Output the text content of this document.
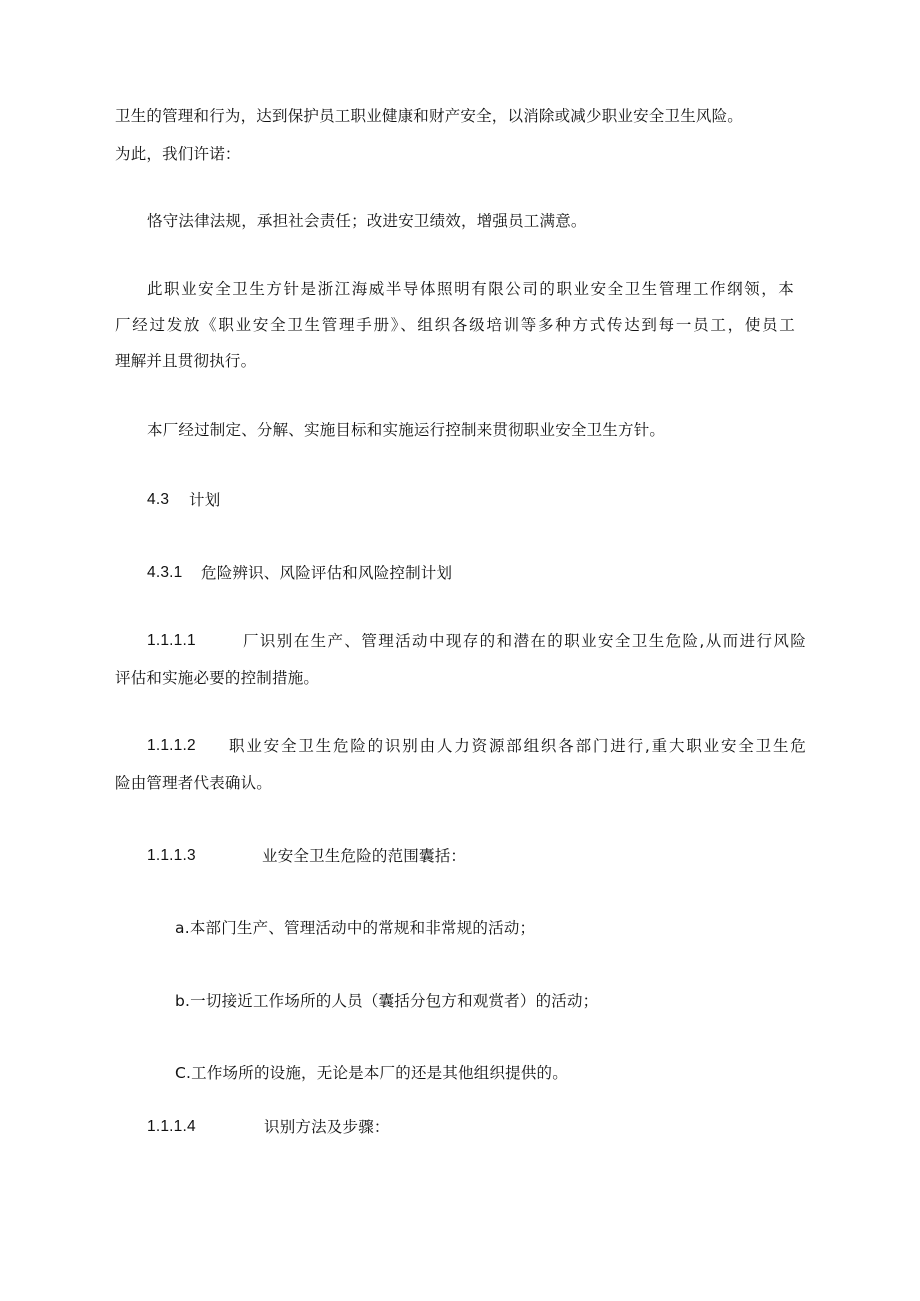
卫生的管理和行为，达到保护员工职业健康和财产安全，以消除或减少职业安全卫生风险。
为此，我们许诺：
恪守法律法规，承担社会责任；改进安卫绩效，增强员工满意。
此职业安全卫生方针是浙江海威半导体照明有限公司的职业安全卫生管理工作纲领，本
厂经过发放《职业安全卫生管理手册》、组织各级培训等多种方式传达到每一员工，使员工
理解并且贯彻执行。
本厂经过制定、分解、实施目标和实施运行控制来贯彻职业安全卫生方针。
4.3 计划
4.3.1 危险辨识、风险评估和风险控制计划
1.1.1.1	厂识别在生产、管理活动中现存的和潜在的职业安全卫生危险,从而进行风险
评估和实施必要的控制措施。
1.1.1.2 职业安全卫生危险的识别由人力资源部组织各部门进行,重大职业安全卫生危
险由管理者代表确认。
1.1.1.3	业安全卫生危险的范围囊括：
a.本部门生产、管理活动中的常规和非常规的活动；
b.一切接近工作场所的人员（囊括分包方和观赏者）的活动；
C.工作场所的设施，无论是本厂的还是其他组织提供的。
1.1.1.4	识别方法及步骤：
